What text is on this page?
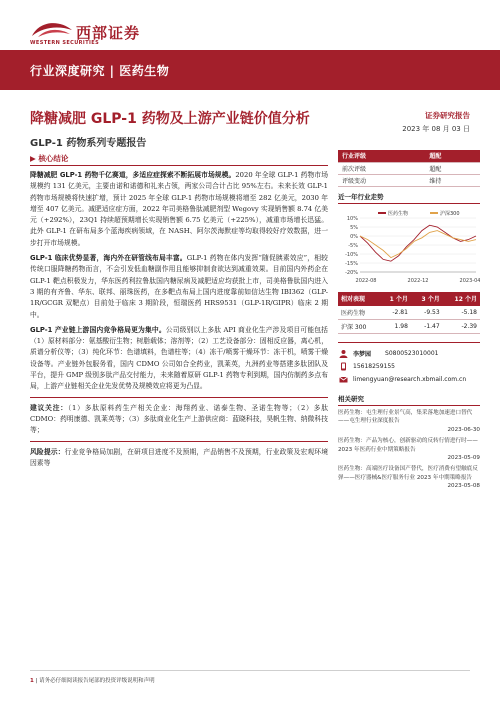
WESTERN SECURITIES
西部证券
行业深度研究 | 医药生物
降糖减肥 GLP-1 药物及上游产业链价值分析	证券研究报告
2023 年 08 月 03 日
GLP-1 药物系列专题报告
▶ 核心结论

降糖减肥 GLP-1 药物千亿赛道，多适应症探索不断拓展市场规模。2020 年全球 GLP-1 药物市场规模约 131 亿美元，主要由诺和诺德和礼来占领，两家公司合计占比 95%左右。未来长效 GLP-1 药物市场规模将快速扩增，预计 2025 年全球 GLP-1 药物市场规模将增至 282 亿美元，2030 年增至 407 亿美元。减肥适应症方面，2022 年司美格鲁肽减肥剂型 Wegovy 实现销售额 8.74 亿美元（+292%），23Q1 持续超预期增长实现销售额 6.75 亿美元（+225%），减重市场增长迅猛。此外 GLP-1 在研布局多个蓝海疾病领域，在 NASH、阿尔茨海默症等均取得较好疗效数据，进一步打开市场规模。

GLP-1 临床优势显著，海内外在研管线布局丰富。GLP-1 药物在体内发挥“随促胰素效应”，相较传统口服降糖药物而言，不会引发低血糖副作用且能够抑制食欲达到减重效果。目前国内外药企在 GLP-1 靶点积极发力，华东医药利拉鲁肽国内糖尿病及减肥适应均获批上市，司美格鲁肽国内进入 3 期的有齐鲁、华东、联邦、丽珠医药，在多靶点布局上国内进度靠前如信达生物 IBI362（GLP-1R/GCGR 双靶点）目前处于临床 3 期阶段，恒瑞医药 HRS9531（GLP-1R/GIPR）临床 2 期中。

GLP-1 产业链上游国内竞争格局更为集中。公司级别以上多肽 API 商业化生产涉及项目可能包括（1）原材料部分：氨基酸衍生物；树脂载体；溶剂等；（2）工艺设备部分：固相反应器，离心机，质谱分析仪等；（3）纯化环节：色谱填料，色谱柱等；（4）冻干/喷雾干燥环节：冻干机，喷雾干燥设备等。产业链外包服务看，国内 CDMO 公司如合全药业，凯莱英，九洲药业等搭建多肽团队及平台，提升 GMP 级别多肽产品交付能力，未来随着原研 GLP-1 药物专利到期，国内仿制药多点布局，上游产业链相关企业先发优势及规模效应将更为凸显。

建议关注：（1）多肽原料药生产相关企业：海翔药业、诺泰生物、圣诺生物等；（2）多肽 CDMO：药明康德、凯莱英等；（3）多肽商业化生产上游供应商：蓝晓科技，昊帆生物、纳微科技等；

风险提示：行业竞争格局加剧，在研项目进度不及预期，产品销售不及预期，行业政策及宏观环境因素等

行业评级	超配
前次评级	超配
评级变动	维持
近一年行业走势
10%
5%
0%
-5%
-10%
-15%
-20%
2022-08	2022-12	2023-04
医药生物	沪深300
相对表现	1 个月	3 个月	12 个月
医药生物	-2.81	-9.53	-5.18
沪深 300	1.98	-1.47	-2.39
李梦园 S0800523010001
15618259155
limengyuan@research.xbmail.com.cn
相关研究
医药生物：屯生理行业景气高，集采落地加速进口替代——屯生理行业深度报告
2023-06-30
医药生物：产品为核心，创新驱动的反转行情进行时——2023 年医药行业中期策略报告
2023-05-09
医药生物：高端医疗设备国产替代，医疗消费有望触底反弹——医疗器械&医疗服务行业 2023 年中期策略报告
2023-05-08
1 | 请务必仔细阅读报告尾部的投资评级说明和声明
